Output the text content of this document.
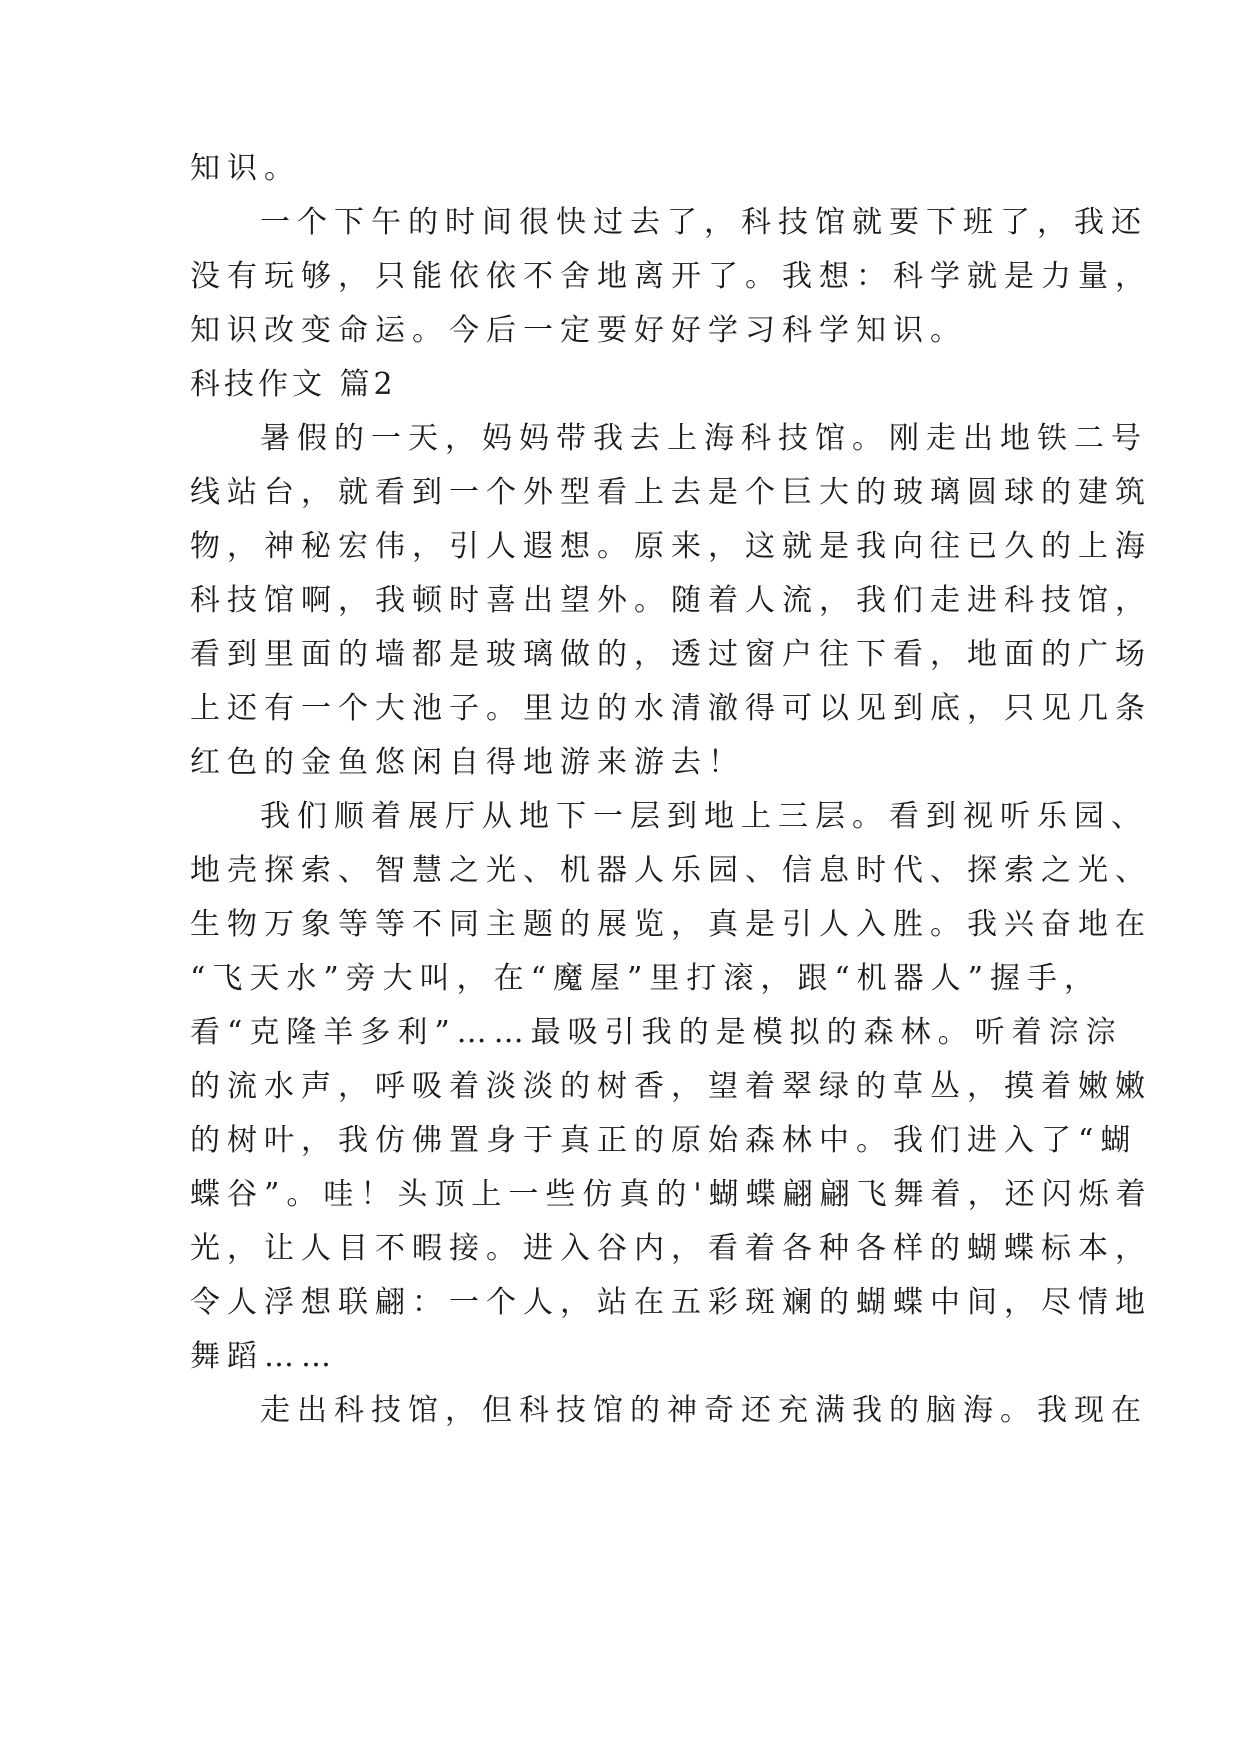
知识。
一个下午的时间很快过去了，科技馆就要下班了，我还
没有玩够，只能依依不舍地离开了。我想：科学就是力量，
知识改变命运。今后一定要好好学习科学知识。
科技作文 篇2
暑假的一天，妈妈带我去上海科技馆。刚走出地铁二号
线站台，就看到一个外型看上去是个巨大的玻璃圆球的建筑
物，神秘宏伟，引人遐想。原来，这就是我向往已久的上海
科技馆啊，我顿时喜出望外。随着人流，我们走进科技馆，
看到里面的墙都是玻璃做的，透过窗户往下看，地面的广场
上还有一个大池子。里边的水清澈得可以见到底，只见几条
红色的金鱼悠闲自得地游来游去！
我们顺着展厅从地下一层到地上三层。看到视听乐园、
地壳探索、智慧之光、机器人乐园、信息时代、探索之光、
生物万象等等不同主题的展览，真是引人入胜。我兴奋地在
“飞天水”旁大叫，在“魔屋”里打滚，跟“机器人”握手，
看“克隆羊多利”……最吸引我的是模拟的森林。听着淙淙
的流水声，呼吸着淡淡的树香，望着翠绿的草丛，摸着嫩嫩
的树叶，我仿佛置身于真正的原始森林中。我们进入了“蝴
蝶谷”。哇！头顶上一些仿真的'蝴蝶翩翩飞舞着，还闪烁着
光，让人目不暇接。进入谷内，看着各种各样的蝴蝶标本，
令人浮想联翩：一个人，站在五彩斑斓的蝴蝶中间，尽情地
舞蹈……
走出科技馆，但科技馆的神奇还充满我的脑海。我现在
